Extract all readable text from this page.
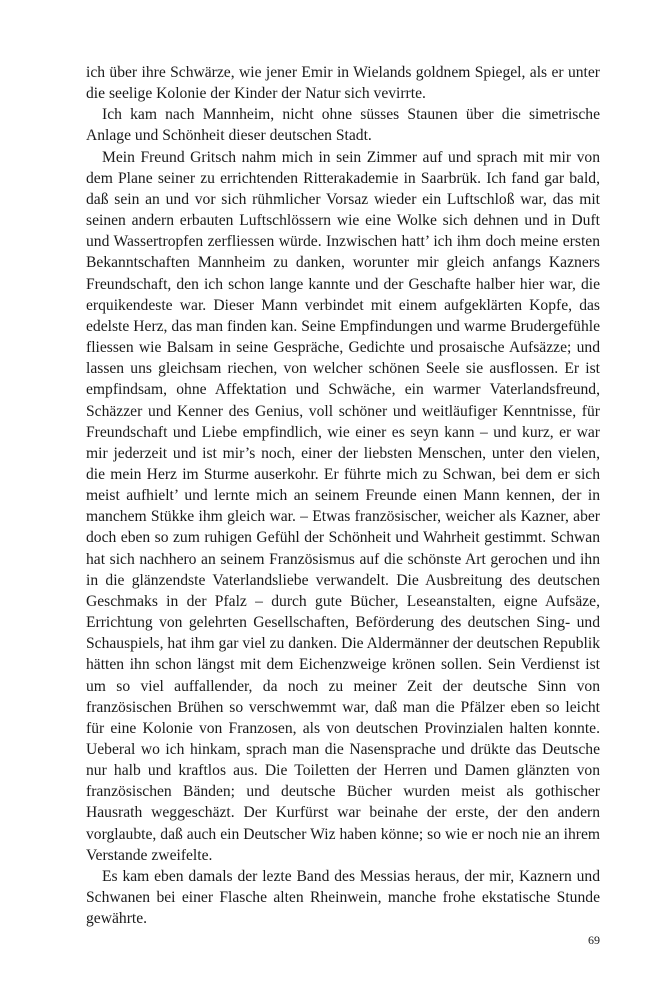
ich über ihre Schwärze, wie jener Emir in Wielands goldnem Spiegel, als er unter die seelige Kolonie der Kinder der Natur sich vevirrte.

Ich kam nach Mannheim, nicht ohne süsses Staunen über die simetrische Anlage und Schönheit dieser deutschen Stadt.

Mein Freund Gritsch nahm mich in sein Zimmer auf und sprach mit mir von dem Plane seiner zu errichtenden Ritterakademie in Saarbrük. Ich fand gar bald, daß sein an und vor sich rühmlicher Vorsaz wieder ein Luftschloß war, das mit seinen andern erbauten Luftschlössern wie eine Wolke sich dehnen und in Duft und Wassertropfen zerfliessen würde. Inzwischen hatt’ ich ihm doch meine ersten Bekanntschaften Mannheim zu danken, worunter mir gleich anfangs Kazners Freundschaft, den ich schon lange kannte und der Geschafte halber hier war, die erquikendeste war. Dieser Mann verbindet mit einem aufgeklärten Kopfe, das edelste Herz, das man finden kan. Seine Empfindungen und warme Brudergefühle fliessen wie Balsam in seine Gespräche, Gedichte und prosaische Aufsäzze; und lassen uns gleichsam riechen, von welcher schönen Seele sie ausflossen. Er ist empfindsam, ohne Affektation und Schwäche, ein warmer Vaterlandsfreund, Schäzzer und Kenner des Genius, voll schöner und weitläufiger Kenntnisse, für Freundschaft und Liebe empfindlich, wie einer es seyn kann – und kurz, er war mir jederzeit und ist mir’s noch, einer der liebsten Menschen, unter den vielen, die mein Herz im Sturme auserkohr. Er führte mich zu Schwan, bei dem er sich meist aufhielt’ und lernte mich an seinem Freunde einen Mann kennen, der in manchem Stükke ihm gleich war. – Etwas französischer, weicher als Kazner, aber doch eben so zum ruhigen Gefühl der Schönheit und Wahrheit gestimmt. Schwan hat sich nachhero an seinem Französismus auf die schönste Art gerochen und ihn in die glänzendste Vaterlandsliebe verwandelt. Die Ausbreitung des deutschen Geschmaks in der Pfalz – durch gute Bücher, Leseanstalten, eigne Aufsäze, Errichtung von gelehrten Gesellschaften, Beförderung des deutschen Sing- und Schauspiels, hat ihm gar viel zu danken. Die Aldermänner der deutschen Republik hätten ihn schon längst mit dem Eichenzweige krönen sollen. Sein Verdienst ist um so viel auffallender, da noch zu meiner Zeit der deutsche Sinn von französischen Brühen so verschwemmt war, daß man die Pfälzer eben so leicht für eine Kolonie von Franzosen, als von deutschen Provinzialen halten konnte. Ueberal wo ich hinkam, sprach man die Nasensprache und drükte das Deutsche nur halb und kraftlos aus. Die Toiletten der Herren und Damen glänzten von französischen Bänden; und deutsche Bücher wurden meist als gothischer Hausrath weggeschäzt. Der Kurfürst war beinahe der erste, der den andern vorglaubte, daß auch ein Deutscher Wiz haben könne; so wie er noch nie an ihrem Verstande zweifelte.

Es kam eben damals der lezte Band des Messias heraus, der mir, Kaznern und Schwanen bei einer Flasche alten Rheinwein, manche frohe ekstatische Stunde gewährte.

69
